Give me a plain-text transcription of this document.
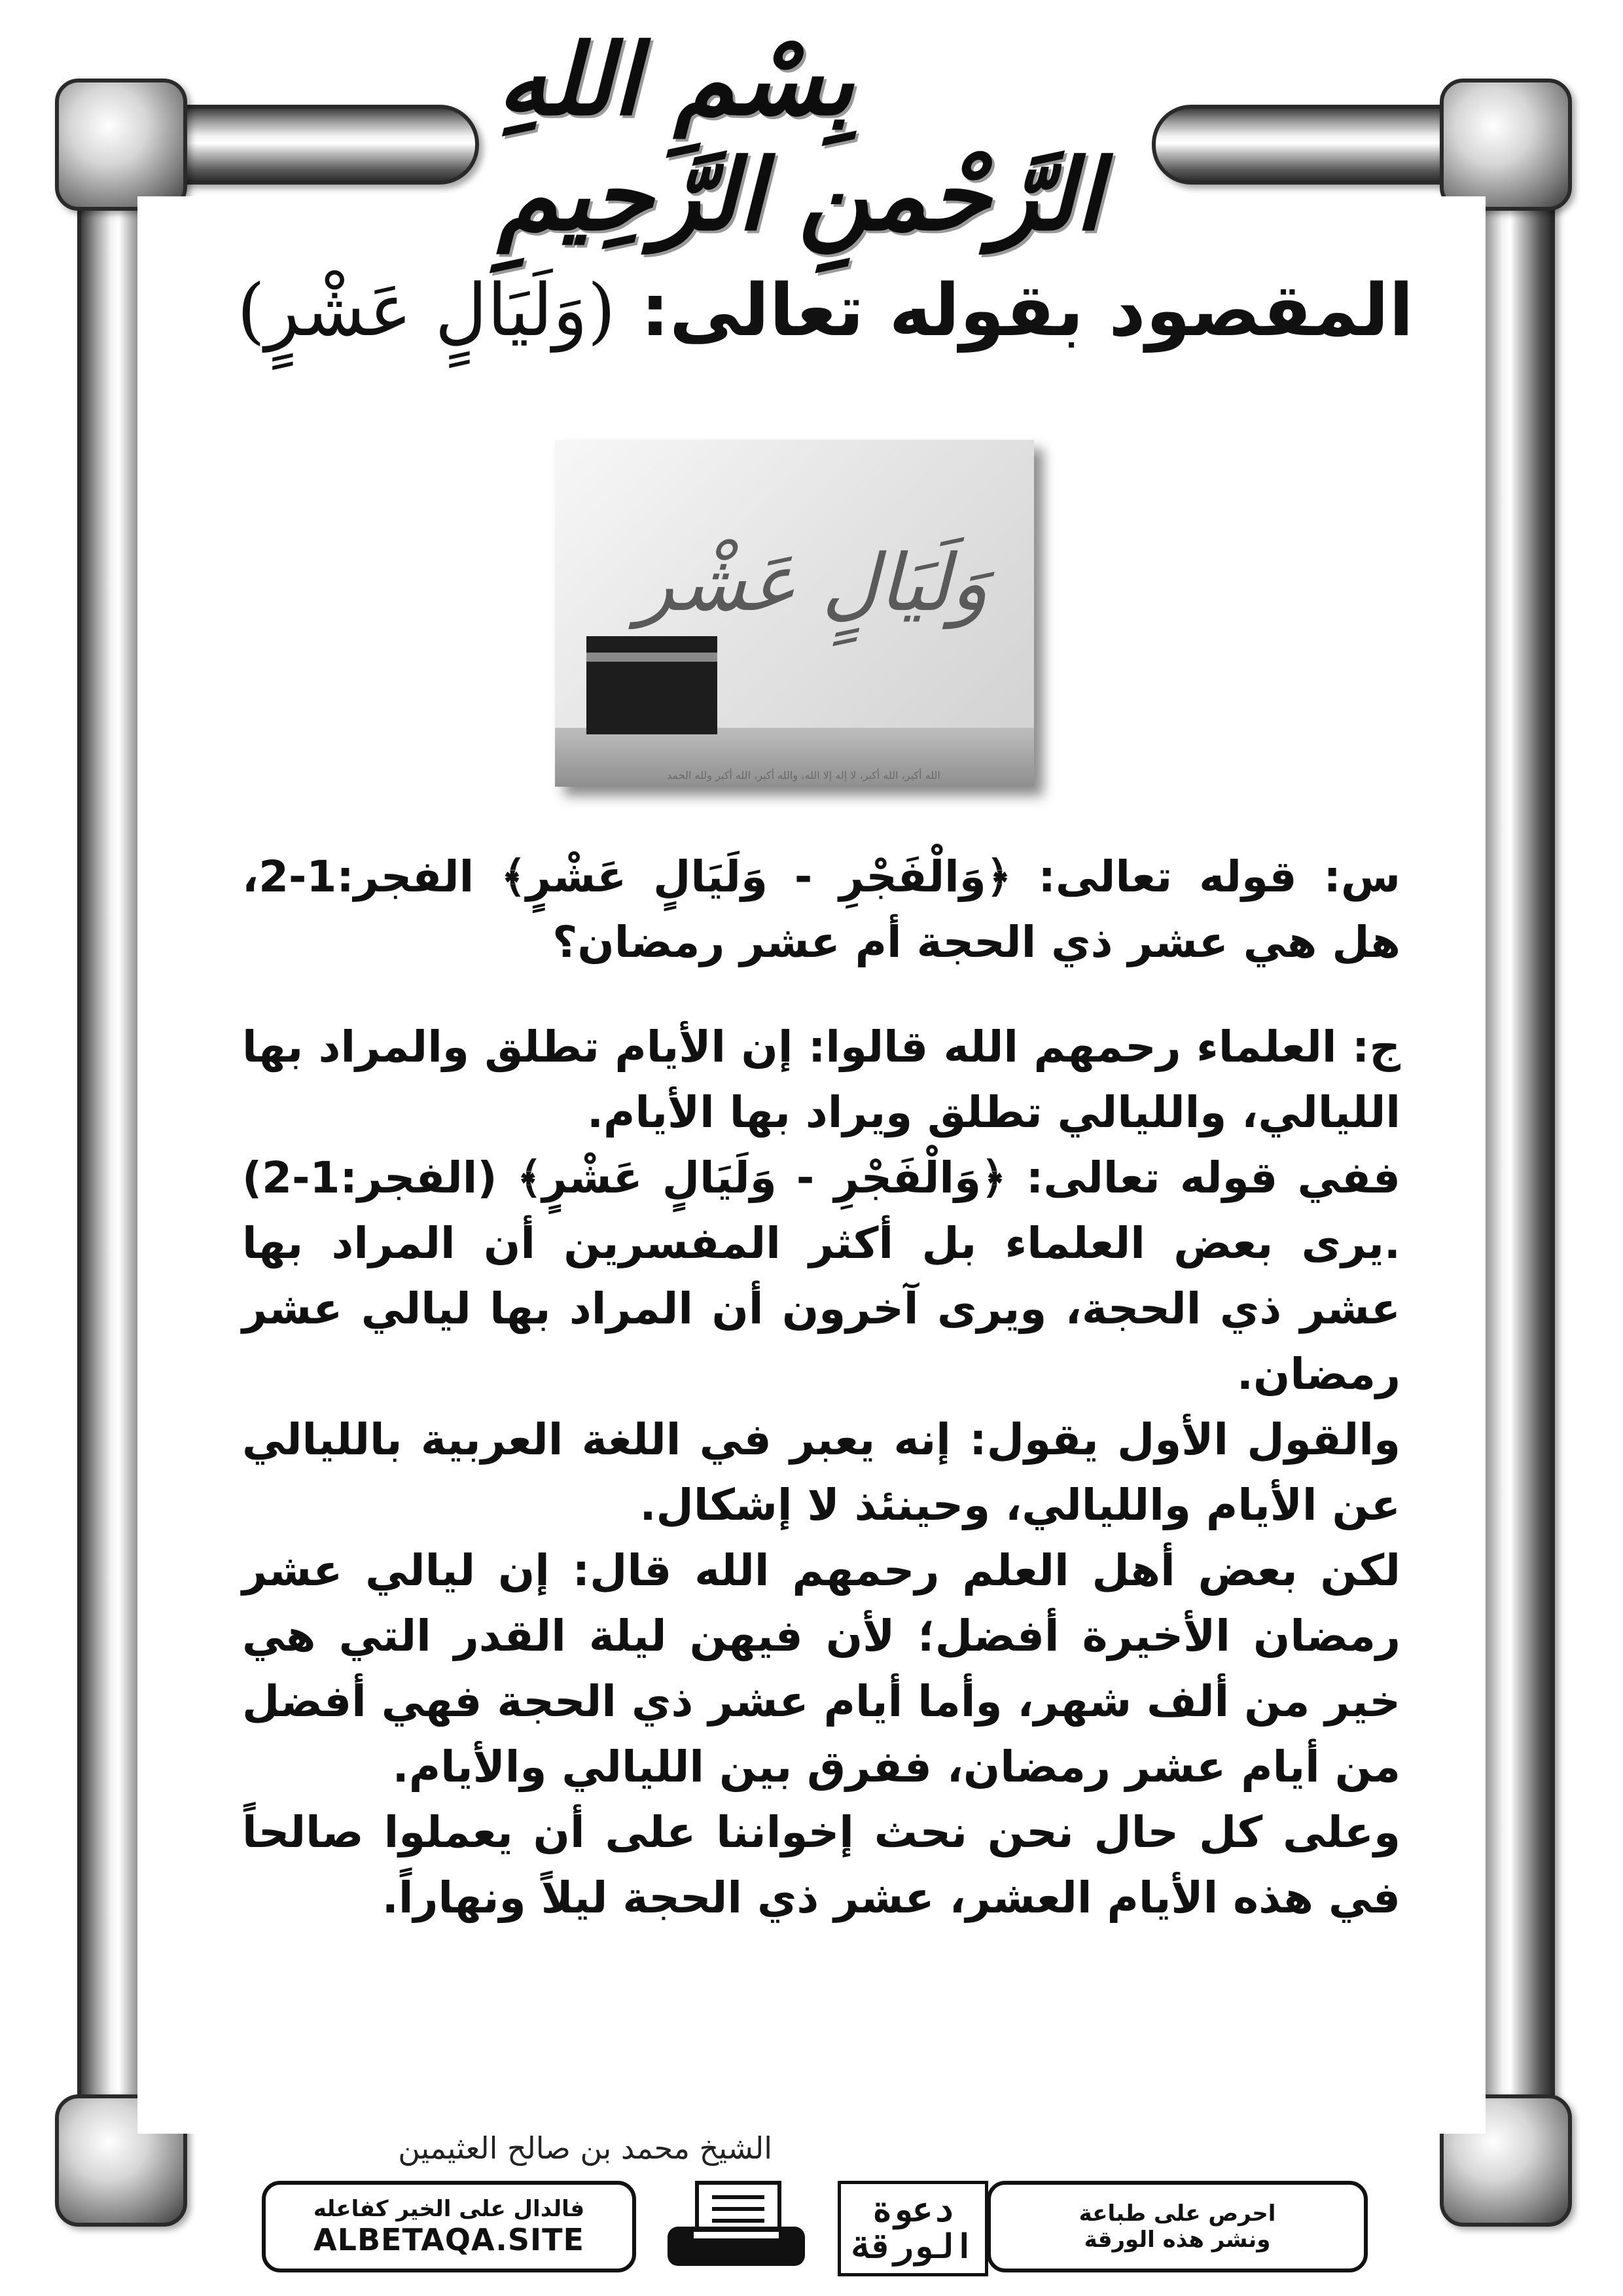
بِسْمِ اللهِ الرَّحْمنِ الرَّحِيمِ
المقصود بقوله تعالى: (وَلَيَالٍ عَشْرٍ)
وَلَيَالٍ عَشْر
الله أكبر، الله أكبر، لا إله إلا الله، والله أكبر، الله أكبر ولله الحمد

س: قوله تعالى: ﴿وَالْفَجْرِ - وَلَيَالٍ عَشْرٍ﴾ الفجر:1-2، هل هي عشر ذي الحجة أم عشر رمضان؟

ج: العلماء رحمهم الله قالوا: إن الأيام تطلق والمراد بها الليالي، والليالي تطلق ويراد بها الأيام.

ففي قوله تعالى: ﴿وَالْفَجْرِ - وَلَيَالٍ عَشْرٍ﴾ (الفجر:1-2) .يرى بعض العلماء بل أكثر المفسرين أن المراد بها عشر ذي الحجة، ويرى آخرون أن المراد بها ليالي عشر رمضان.

والقول الأول يقول: إنه يعبر في اللغة العربية بالليالي عن الأيام والليالي، وحينئذ لا إشكال.

لكن بعض أهل العلم رحمهم الله قال: إن ليالي عشر رمضان الأخيرة أفضل؛ لأن فيهن ليلة القدر التي هي خير من ألف شهر، وأما أيام عشر ذي الحجة فهي أفضل من أيام عشر رمضان، ففرق بين الليالي والأيام.

وعلى كل حال نحن نحث إخواننا على أن يعملوا صالحاً في هذه الأيام العشر، عشر ذي الحجة ليلاً ونهاراً.

الشيخ محمد بن صالح العثيمين
فالدال على الخير كفاعله
ALBETAQA.SITE
دعوة الورقة
احرص على طباعة
ونشر هذه الورقة
